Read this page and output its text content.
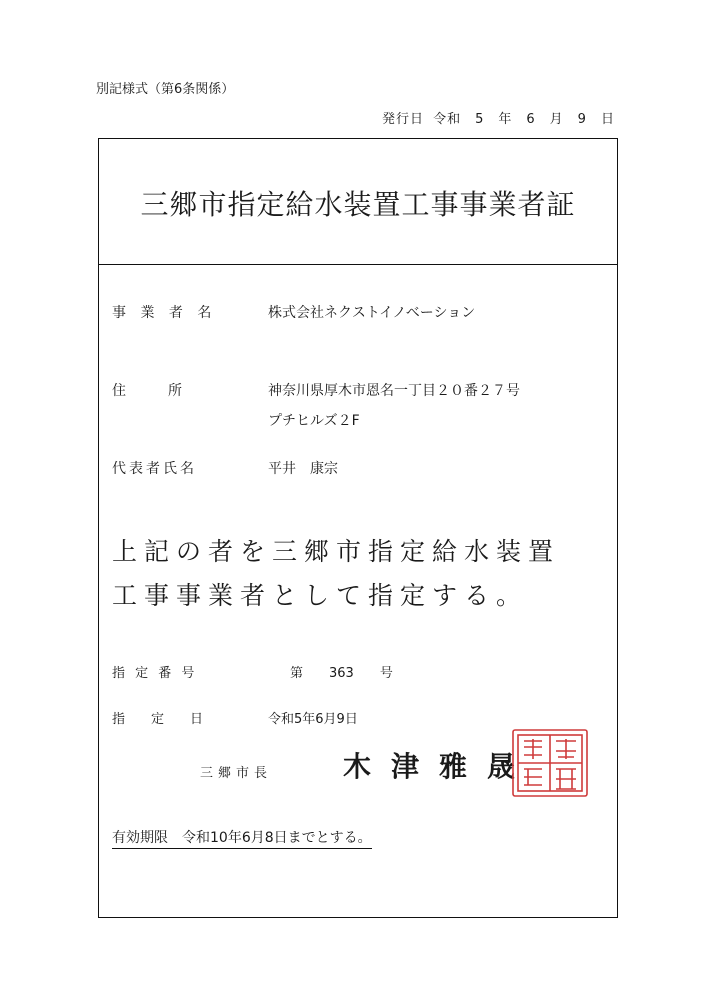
別記様式（第6条関係）
発行日 令和　5　年　6　月　9　日
三郷市指定給水装置工事事業者証
事 業 者 名	株式会社ネクストイノベーション
住　　　所	神奈川県厚木市恩名一丁目２０番２７号
プチヒルズ２F
代表者氏名	平井　康宗
上記の者を三郷市指定給水装置
工事事業者として指定する。
指 定 番 号	第　　363　　号
指　　定　　日	令和5年6月9日
三郷市長	木津雅晟
有効期限　令和10年6月8日までとする。
